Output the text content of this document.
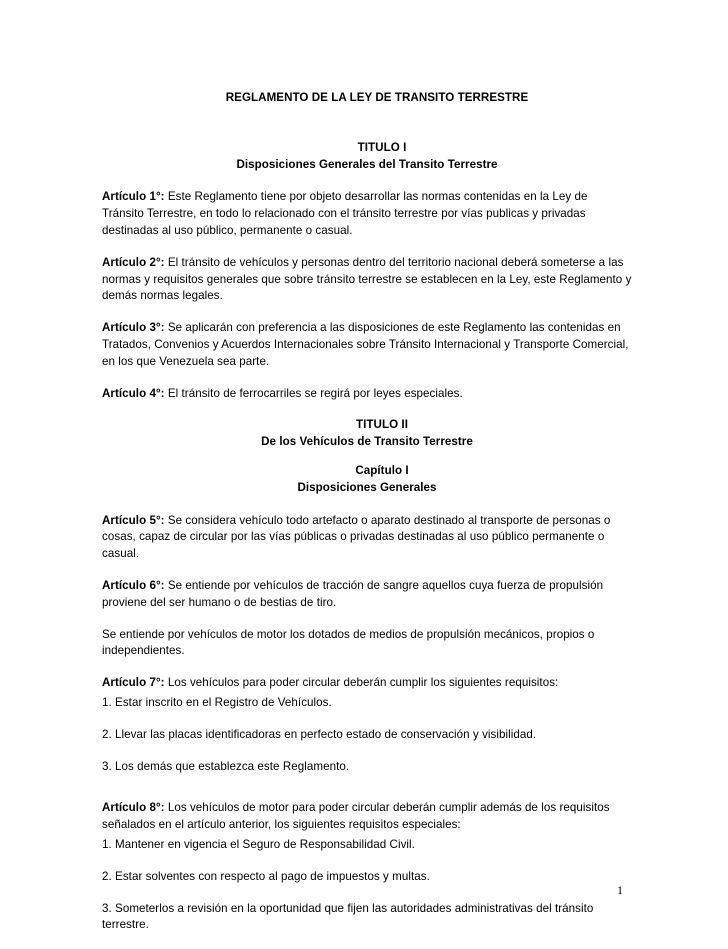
REGLAMENTO DE LA LEY DE TRANSITO TERRESTRE
TITULO I
Disposiciones Generales del Transito Terrestre

Artículo 1°: Este Reglamento tiene por objeto desarrollar las normas contenidas en la Ley de Tránsito Terrestre, en todo lo relacionado con el tránsito terrestre por vías publicas y privadas destinadas al uso público, permanente o casual.

Artículo 2°: El tránsito de vehículos y personas dentro del territorio nacional deberá someterse a las normas y requisitos generales que sobre tránsito terrestre se establecen en la Ley, este Reglamento y demás normas legales.

Artículo 3°: Se aplicarán con preferencia a las disposiciones de este Reglamento las contenidas en Tratados, Convenios y Acuerdos Internacionales sobre Tránsito Internacional y Transporte Comercial, en los que Venezuela sea parte.

Artículo 4°: El tránsito de ferrocarriles se regirá por leyes especiales.

TITULO II
De los Vehículos de Transito Terrestre
Capítulo I
Disposiciones Generales

Artículo 5°: Se considera vehículo todo artefacto o aparato destinado al transporte de personas o cosas, capaz de circular por las vías públicas o privadas destinadas al uso público permanente o casual.

Artículo 6°: Se entiende por vehículos de tracción de sangre aquellos cuya fuerza de propulsión proviene del ser humano o de bestias de tiro.

Se entiende por vehículos de motor los dotados de medios de propulsión mecánicos, propios o independientes.

Artículo 7°: Los vehículos para poder circular deberán cumplir los siguientes requisitos:

1. Estar inscrito en el Registro de Vehículos.

2. Llevar las placas identificadoras en perfecto estado de conservación y visibilidad.

3. Los demás que establezca este Reglamento.

Artículo 8°: Los vehículos de motor para poder circular deberán cumplir además de los requisitos señalados en el artículo anterior, los siguientes requisitos especiales:

1. Mantener en vigencia el Seguro de Responsabilidad Civil.

2. Estar solventes con respecto al pago de impuestos y multas.

3. Someterlos a revisión en la oportunidad que fijen las autoridades administrativas del tránsito terrestre.

1
